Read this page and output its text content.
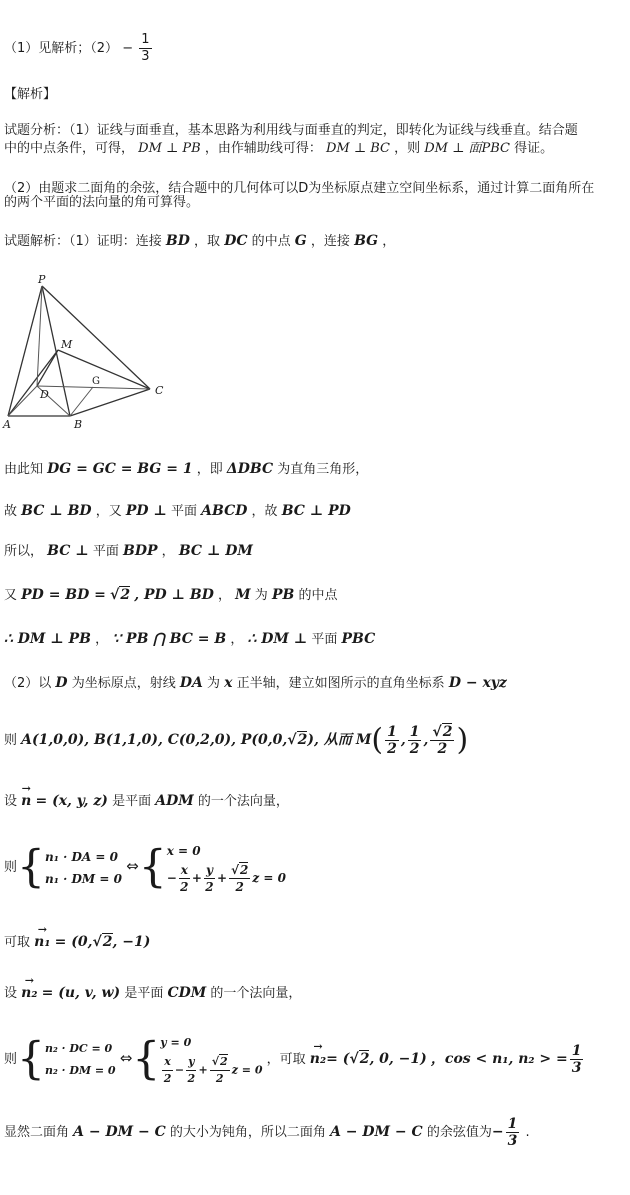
（1）见解析；$(2) - \frac{1}{3}$
【解析】
试题分析：（1）证线与面垂直，基本思路为利用线与面垂直的判定，即转化为证线与线垂直。结合题
中的中点条件，可得， DM ⊥ PB ，由作辅助线可得： DM ⊥ BC ，则 DM ⊥ 面PBC 得证。
（2）由题求二面角的余弦，结合题中的几何体可以D为坐标原点建立空间坐标系，通过计算二面角所在
的两个平面的法向量的角可算得。
试题解析：（1）证明：连接 BD ，取 DC 的中点 G ，连接 BG ，
P
M
D
G
C
A	B
由此知 DG = GC = BG = 1 ，即 ΔDBC 为直角三角形，
故 BC ⊥ BD ，又 PD ⊥ 平面 ABCD ，故 BC ⊥ PD
所以， BC ⊥ 平面 BDP ， BC ⊥ DM
又 PD = BD = √2 , PD ⊥ BD ， M 为 PB 的中点
∴ DM ⊥ PB ， ∵ PB ⋂ BC = B ， ∴ DM ⊥ 平面 PBC
（2）以 D 为坐标原点，射线 DA 为 x 正半轴，建立如图所示的直角坐标系 D − xyz
则 A(1,0,0), B(1,1,0), C(0,2,0), P(0,0,√2), 从而 $M( \frac{1}{2}$ , $\frac{1}{2}$ , $\frac{√2}{2}$ )
设 → n = (x, y, z) 是平面 ADM 的一个法向量，
则{ n₁ · DA = 0
n₁ · DM = 0
⇔{ x = 0
− $\frac{x}{2} + \frac{y}{2} + \frac{√2}{2}$ z = 0
可取 → n₁ = (0,√2, −1)
设 → n₂ = (u, v, w) 是平面 CDM 的一个法向量，
则{ n₂ · DC = 0
n₂ · DM = 0
⇔{ y = 0
$\frac{x}{2} - \frac{y}{2} + \frac{√2}{2}$ z = 0
，可取 → n₂= (√2, 0, −1) ，cos < n₁, n₂ > = $\frac{1}{3}$
显然二面角 A − DM − C 的大小为钝角，所以二面角 A − DM − C 的余弦值为− $\frac{1}{3}$ .
